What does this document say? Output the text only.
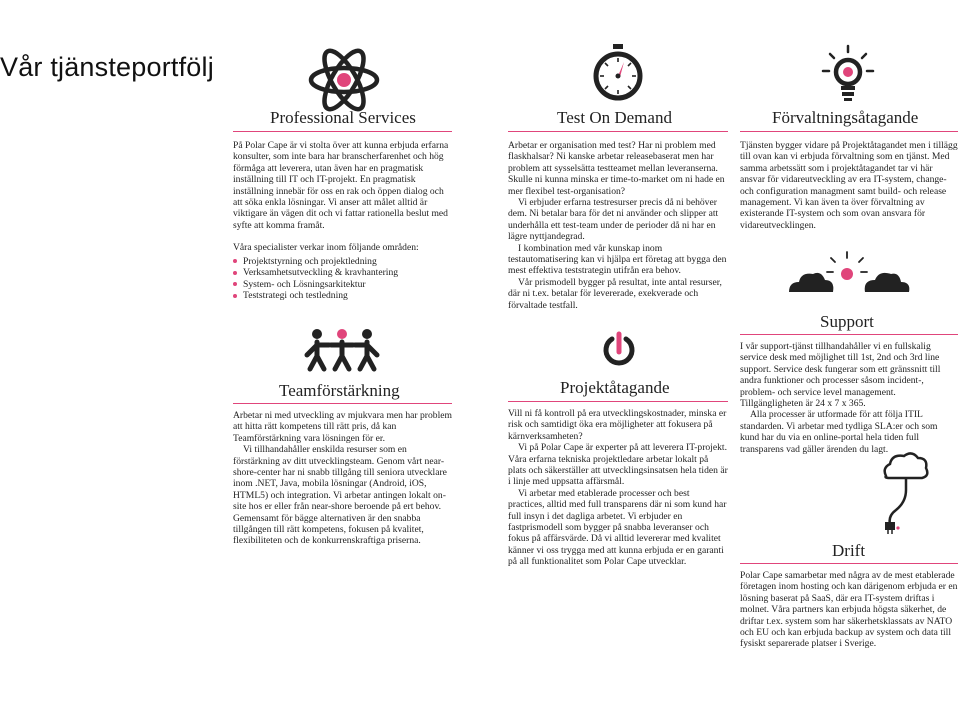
Vår tjänsteportfölj
Professional Services

På Polar Cape är vi stolta över att kunna erbjuda erfarna konsulter, som inte bara har branscherfarenhet och hög förmåga att leverera, utan även har en pragmatisk inställning till IT och IT-projekt. En pragmatisk inställning innebär för oss en rak och öppen dialog och att söka enkla lösningar. Vi anser att målet alltid är viktigare än vägen dit och vi fattar rationella beslut med syfte att komma framåt.

Våra specialister verkar inom följande områden:

Projektstyrning och projektledning
Verksamhetsutveckling & kravhantering
System- och Lösningsarkitektur
Teststrategi och testledning
Teamförstärkning

Arbetar ni med utveckling av mjukvara men har problem att hitta rätt kompetens till rätt pris, då kan Teamförstärkning vara lösningen för er.

Vi tillhandahåller enskilda resurser som en förstärkning av ditt utvecklingsteam. Genom vårt near-shore-center har ni snabb tillgång till seniora utvecklare inom .NET, Java, mobila lösningar (Android, iOS, HTML5) och integration. Vi arbetar antingen lokalt on-site hos er eller från near-shore beroende på ert behov. Gemensamt för bägge alternativen är den snabba tillgången till rätt kompetens, fokusen på kvalitet, flexibiliteten och de konkurrenskraftiga priserna.

Test On Demand

Arbetar er organisation med test? Har ni problem med flaskhalsar? Ni kanske arbetar releasebaserat men har problem att sysselsätta testteamet mellan leveranserna. Skulle ni kunna minska er time-to-market om ni hade en mer flexibel test-organisation?

Vi erbjuder erfarna testresurser precis då ni behöver dem. Ni betalar bara för det ni använder och slipper att underhålla ett test-team under de perioder då ni har en lägre nyttjandegrad.

I kombination med vår kunskap inom testautomatisering kan vi hjälpa ert företag att bygga den mest effektiva teststrategin utifrån era behov.

Vår prismodell bygger på resultat, inte antal resurser, där ni t.ex. betalar för levererade, exekverade och förvaltade testfall.

Projektåtagande

Vill ni få kontroll på era utvecklingskostnader, minska er risk och samtidigt öka era möjligheter att fokusera på kärnverksamheten?

Vi på Polar Cape är experter på att leverera IT-projekt. Våra erfarna tekniska projektledare arbetar lokalt på plats och säkerställer att utvecklingsinsatsen hela tiden är i linje med uppsatta affärsmål.

Vi arbetar med etablerade processer och best practices, alltid med full transparens där ni som kund har full insyn i det dagliga arbetet. Vi erbjuder en fastprismodell som bygger på snabba leveranser och fokus på affärsvärde. Då vi alltid levererar med kvalitet känner vi oss trygga med att kunna erbjuda er en garanti på all funktionalitet som Polar Cape utvecklar.

Förvaltningsåtagande

Tjänsten bygger vidare på Projektåtagandet men i tillägg till ovan kan vi erbjuda förvaltning som en tjänst. Med samma arbetssätt som i projektåtagandet tar vi här ansvar för vidareutveckling av era IT-system, change- och configuration managment samt build- och release management. Vi kan även ta över förvaltning av existerande IT-system och som ovan ansvara för vidareutvecklingen.

Support

I vår support-tjänst tillhandahåller vi en fullskalig service desk med möjlighet till 1st, 2nd och 3rd line support. Service desk fungerar som ett gränssnitt till andra funktioner och processer såsom incident-, problem- och service level management. Tillgängligheten är 24 x 7 x 365.

Alla processer är utformade för att följa ITIL standarden. Vi arbetar med tydliga SLA:er och som kund har du via en online-portal hela tiden full transparens vad gäller ärenden du lagt.

Drift

Polar Cape samarbetar med några av de mest etablerade företagen inom hosting och kan därigenom erbjuda er en lösning baserat på SaaS, där era IT-system driftas i molnet. Våra partners kan erbjuda högsta säkerhet, de driftar t.ex. system som har säkerhetsklassats av NATO och EU och kan erbjuda backup av system och data till fysiskt separerade platser i Sverige.
